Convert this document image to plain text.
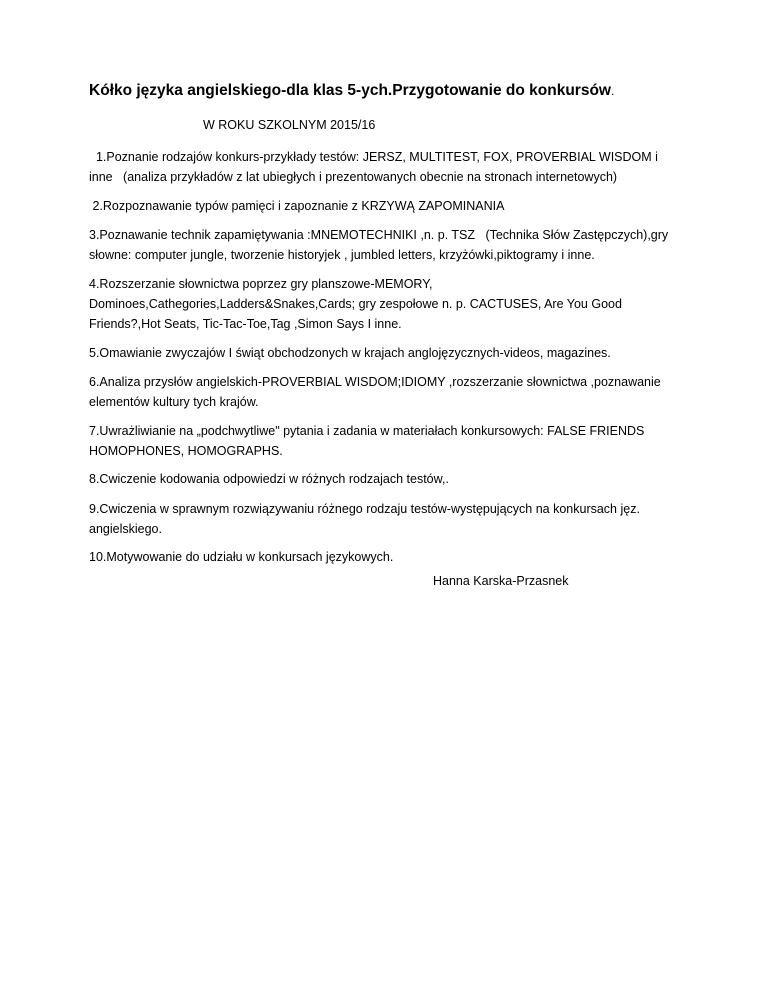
Kółko języka angielskiego-dla klas 5-ych.Przygotowanie do konkursów.
W ROKU SZKOLNYM 2015/16
1.Poznanie rodzajów konkurs-przykłady testów: JERSZ, MULTITEST, FOX, PROVERBIAL WISDOM i
inne   (analiza przykładów z lat ubiegłych i prezentowanych obecnie na stronach internetowych)
2.Rozpoznawanie typów pamięci i zapoznanie z KRZYWĄ ZAPOMINANIA
3.Poznawanie technik zapamiętywania :MNEMOTECHNIKI ,n. p. TSZ   (Technika Słów Zastępczych),gry
słowne: computer jungle, tworzenie historyjek , jumbled letters, krzyżówki,piktogramy i inne.
4.Rozszerzanie słownictwa poprzez gry planszowe-MEMORY,
Dominoes,Cathegories,Ladders&Snakes,Cards; gry zespołowe n. p. CACTUSES, Are You Good
Friends?,Hot Seats, Tic-Tac-Toe,Tag ,Simon Says I inne.
5.Omawianie zwyczajów I świąt obchodzonych w krajach anglojęzycznych-videos, magazines.
6.Analiza przysłów angielskich-PROVERBIAL WISDOM;IDIOMY ,rozszerzanie słownictwa ,poznawanie
elementów kultury tych krajów.
7.Uwrażliwianie na „podchwytliwe" pytania i zadania w materiałach konkursowych: FALSE FRIENDS
HOMOPHONES, HOMOGRAPHS.
8.Cwiczenie kodowania odpowiedzi w różnych rodzajach testów,.
9.Cwiczenia w sprawnym rozwiązywaniu różnego rodzaju testów-występujących na konkursach jęz.
angielskiego.
10.Motywowanie do udziału w konkursach językowych.
Hanna Karska-Przasnek
